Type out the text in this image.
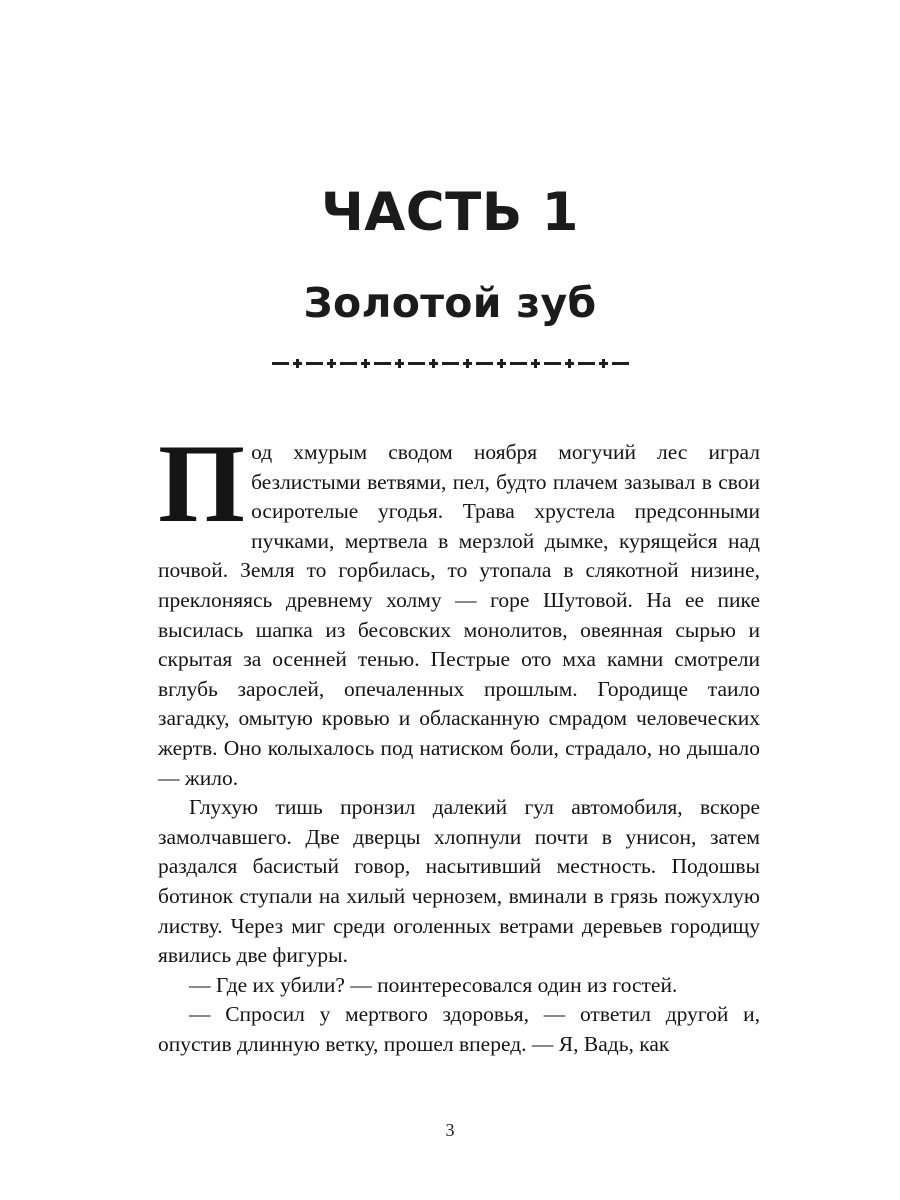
ЧАСТЬ 1
Золотой зуб

Под хмурым сводом ноября могучий лес играл безлистыми ветвями, пел, будто плачем зазывал в свои осиротелые угодья. Трава хрустела предсонными пучками, мертвела в мерзлой дымке, курящейся над почвой. Земля то горбилась, то утопала в слякотной низине, преклоняясь древнему холму — горе Шутовой. На ее пике высилась шапка из бесовских монолитов, овеянная сырью и скрытая за осенней тенью. Пестрые ото мха камни смотрели вглубь зарослей, опечаленных прошлым. Городище таило загадку, омытую кровью и обласканную смрадом человеческих жертв. Оно колыхалось под натиском боли, страдало, но дышало — жило.

Глухую тишь пронзил далекий гул автомобиля, вскоре замолчавшего. Две дверцы хлопнули почти в унисон, затем раздался басистый говор, насытивший местность. Подошвы ботинок ступали на хилый чернозем, вминали в грязь пожухлую листву. Через миг среди оголенных ветрами деревьев городищу явились две фигуры.

— Где их убили? — поинтересовался один из гостей.

— Спросил у мертвого здоровья, — ответил другой и, опустив длинную ветку, прошел вперед. — Я, Вадь, как

3
